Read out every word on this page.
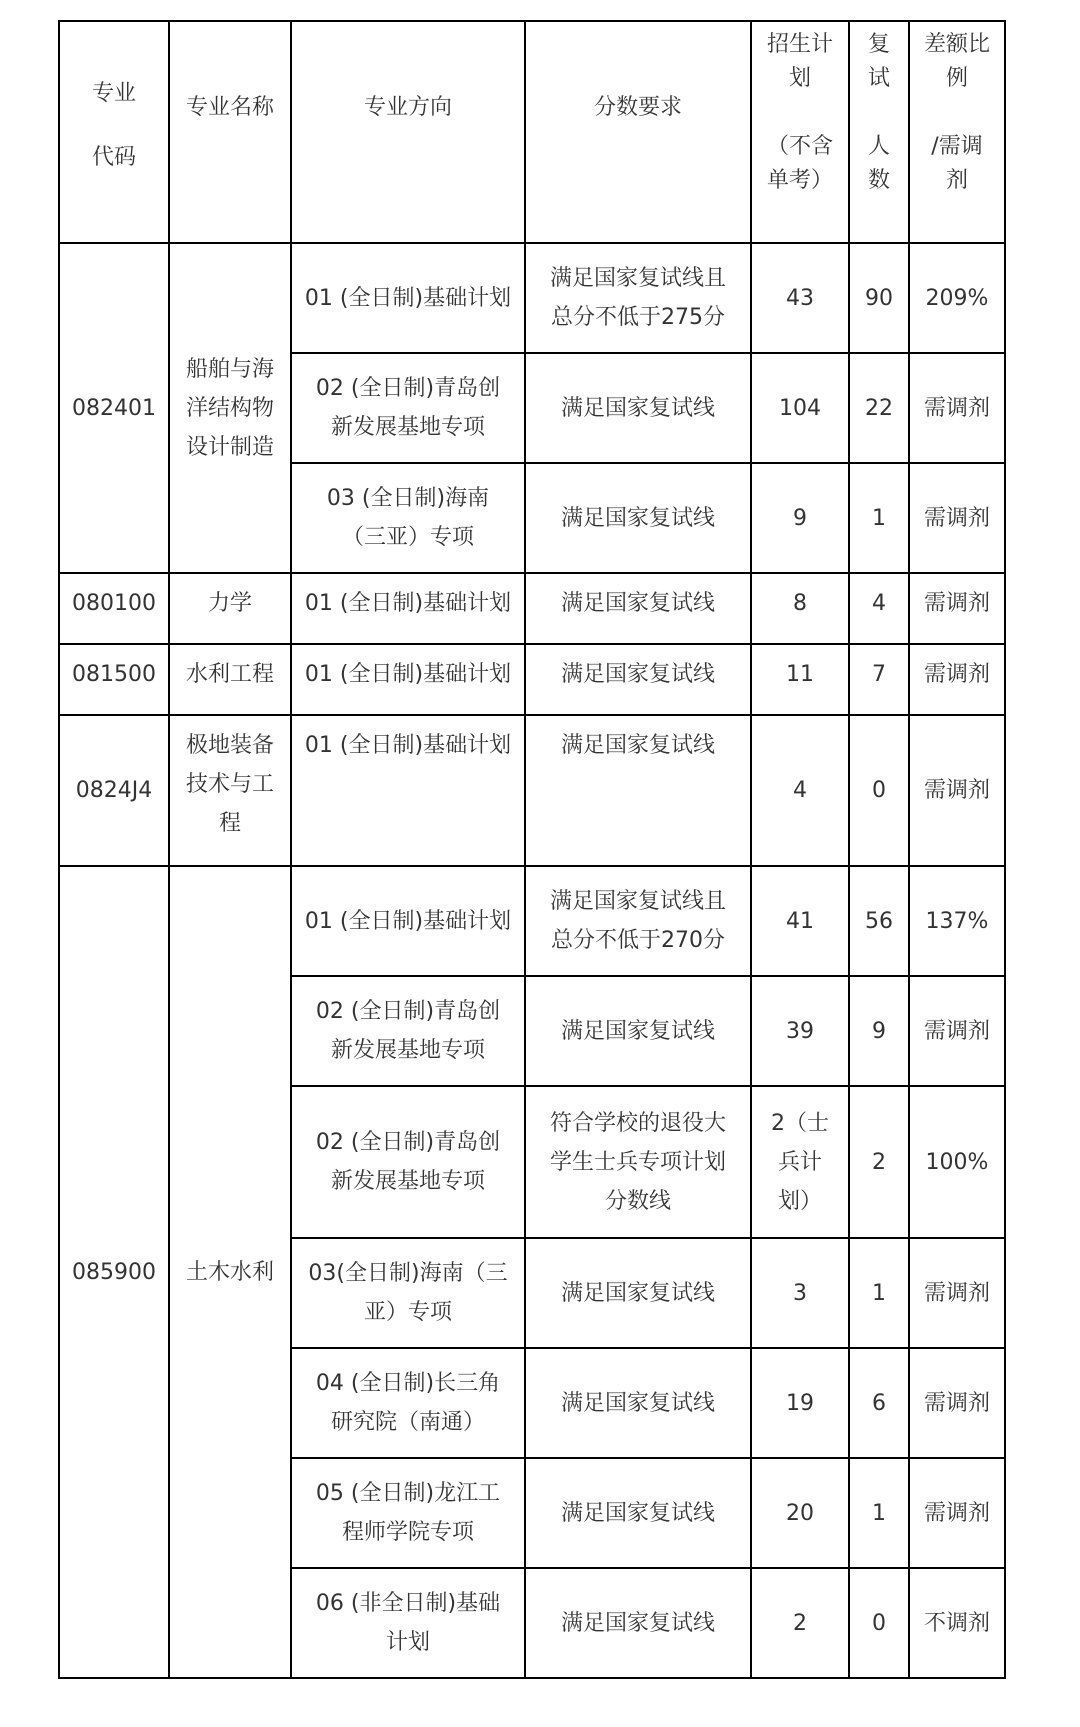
专业
代码	专业名称	专业方向	分数要求	招生计
划

（不含
单考）	复
试

人
数	差额比
例

/需调
剂
082401	船舶与海
洋结构物
设计制造	01 (全日制)基础计划	满足国家复试线且
总分不低于275分	43	90	209%
		02 (全日制)青岛创
新发展基地专项	满足国家复试线	104	22	需调剂
		03 (全日制)海南
（三亚）专项	满足国家复试线	9	1	需调剂
080100	力学	01 (全日制)基础计划	满足国家复试线	8	4	需调剂
081500	水利工程	01 (全日制)基础计划	满足国家复试线	11	7	需调剂
0824J4	极地装备
技术与工
程	01 (全日制)基础计划	满足国家复试线	4	0	需调剂
085900	土木水利	01 (全日制)基础计划	满足国家复试线且
总分不低于270分	41	56	137%
		02 (全日制)青岛创
新发展基地专项	满足国家复试线	39	9	需调剂
		02 (全日制)青岛创
新发展基地专项	符合学校的退役大
学生士兵专项计划
分数线	2（士
兵计
划）	2	100%
		03(全日制)海南（三
亚）专项	满足国家复试线	3	1	需调剂
		04 (全日制)长三角
研究院（南通）	满足国家复试线	19	6	需调剂
		05 (全日制)龙江工
程师学院专项	满足国家复试线	20	1	需调剂
		06 (非全日制)基础
计划	满足国家复试线	2	0	不调剂
